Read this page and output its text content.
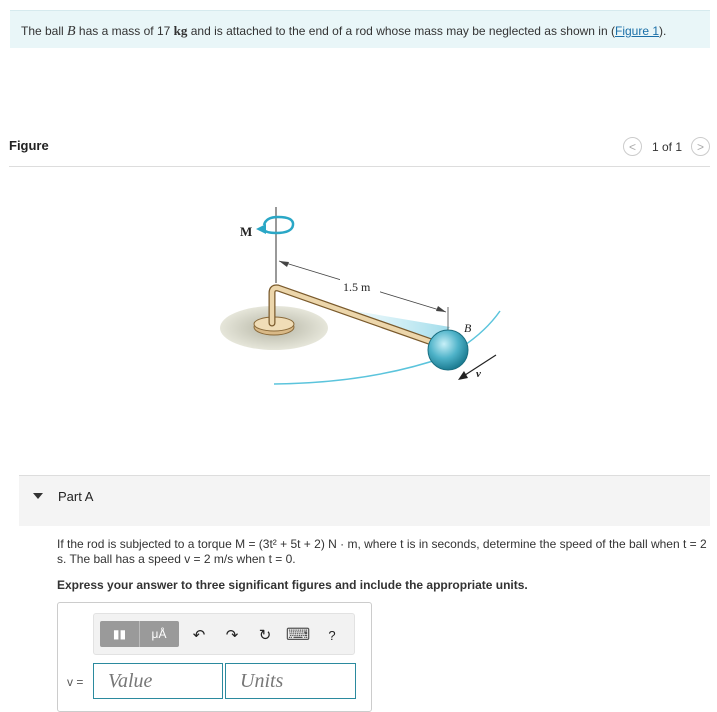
The ball B has a mass of 17 kg and is attached to the end of a rod whose mass may be neglected as shown in (Figure 1).
Figure	< 1 of 1 >
M
1.5 m
B
v
Part A
If the rod is subjected to a torque M = (3t² + 5t + 2) N · m, where t is in seconds, determine the speed of the ball when t = 2 s. The ball has a speed v = 2 m/s when t = 0.
Express your answer to three significant figures and include the appropriate units.
▮▮ μÅ ↶ ↷ ↻ ⌨ ?
v =	Value	Units
